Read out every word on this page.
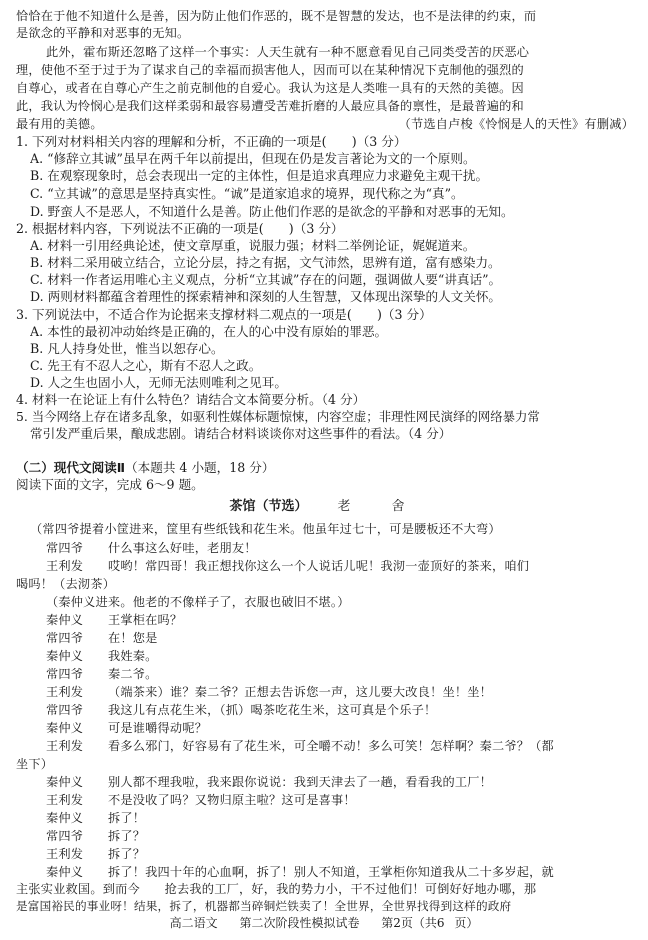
恰恰在于他不知道什么是善，因为防止他们作恶的，既不是智慧的发达，也不是法律的约束，而
是欲念的平静和对恶事的无知。
此外，霍布斯还忽略了这样一个事实：人天生就有一种不愿意看见自己同类受苦的厌恶心
理，使他不至于过于为了谋求自己的幸福而损害他人，因而可以在某种情况下克制他的强烈的
自尊心，或者在自尊心产生之前克制他的自爱心。我认为这是人类唯一具有的天然的美德。因
此，我认为怜悯心是我们这样柔弱和最容易遭受苦难折磨的人最应具备的禀性，是最普遍的和
最有用的美德。	（节选自卢梭《怜悯是人的天性》有删减）
1. 下列对材料相关内容的理解和分析，不正确的一项是(　　)（3 分）
A. “修辞立其诚”虽早在两千年以前提出，但现在仍是发言著论为文的一个原则。
B. 在观察现象时，总会表现出一定的主体性，但是追求真理应力求避免主观干扰。
C. “立其诚”的意思是坚持真实性。“诚”是道家追求的境界，现代称之为“真”。
D. 野蛮人不是恶人，不知道什么是善。防止他们作恶的是欲念的平静和对恶事的无知。
2. 根据材料内容，下列说法不正确的一项是(　　)（3 分）
A. 材料一引用经典论述，使文章厚重，说服力强；材料二举例论证，娓娓道来。
B. 材料二采用破立结合，立论分层，持之有据，文气沛然，思辨有道，富有感染力。
C. 材料一作者运用唯心主义观点，分析“立其诚”存在的问题，强调做人要“讲真话”。
D. 两则材料都蕴含着理性的探索精神和深刻的人生智慧，又体现出深挚的人文关怀。
3. 下列说法中，不适合作为论据来支撑材料二观点的一项是(　　)（3 分）
A. 本性的最初冲动始终是正确的，在人的心中没有原始的罪恶。
B. 凡人持身处世，惟当以恕存心。
C. 先王有不忍人之心，斯有不忍人之政。
D. 人之生也固小人，无师无法则唯利之见耳。
4. 材料一在论证上有什么特色？请结合文本简要分析。（4 分）
5. 当今网络上存在诸多乱象，如驱利性媒体标题惊悚，内容空虚；非理性网民演绎的网络暴力常
常引发严重后果，酿成悲剧。请结合材料谈谈你对这些事件的看法。（4 分）
（二）现代文阅读Ⅱ（本题共 4 小题，18 分）
阅读下面的文字，完成 6～9 题。
茶馆（节选） 老　舍
（常四爷提着小筐进来，筐里有些纸钱和花生米。他虽年过七十，可是腰板还不大弯）
常四爷 什么事这么好哇，老朋友！
王利发 哎哟！常四哥！我正想找你这么一个人说话儿呢！我沏一壶顶好的茶来，咱们
喝吗！（去沏茶）
（秦仲义进来。他老的不像样子了，衣服也破旧不堪。）
秦仲义 王掌柜在吗？
常四爷 在！您是
秦仲义 我姓秦。
常四爷 秦二爷。
王利发 （端茶来）谁？秦二爷？正想去告诉您一声，这儿要大改良！坐！坐！
常四爷 我这儿有点花生米，（抓）喝茶吃花生米，这可真是个乐子！
秦仲义 可是谁嚼得动呢？
王利发 看多么邪门，好容易有了花生米，可全嚼不动！多么可笑！怎样啊？秦二爷？（都
坐下）
秦仲义 别人都不理我啦，我来跟你说说：我到天津去了一趟，看看我的工厂！
王利发 不是没收了吗？又物归原主啦？这可是喜事！
秦仲义 拆了！
常四爷 拆了？
王利发 拆了？
秦仲义 拆了！我四十年的心血啊，拆了！别人不知道，王掌柜你知道我从二十多岁起，就
主张实业救国。到而今　　抢去我的工厂，好，我的势力小，干不过他们！可倒好好地办哪，那
是富国裕民的事业呀！结果，拆了，机器都当碎铜烂铁卖了！全世界，全世界找得到这样的政府
高二语文 第二次阶段性模拟试卷 第2页（共6 页）
